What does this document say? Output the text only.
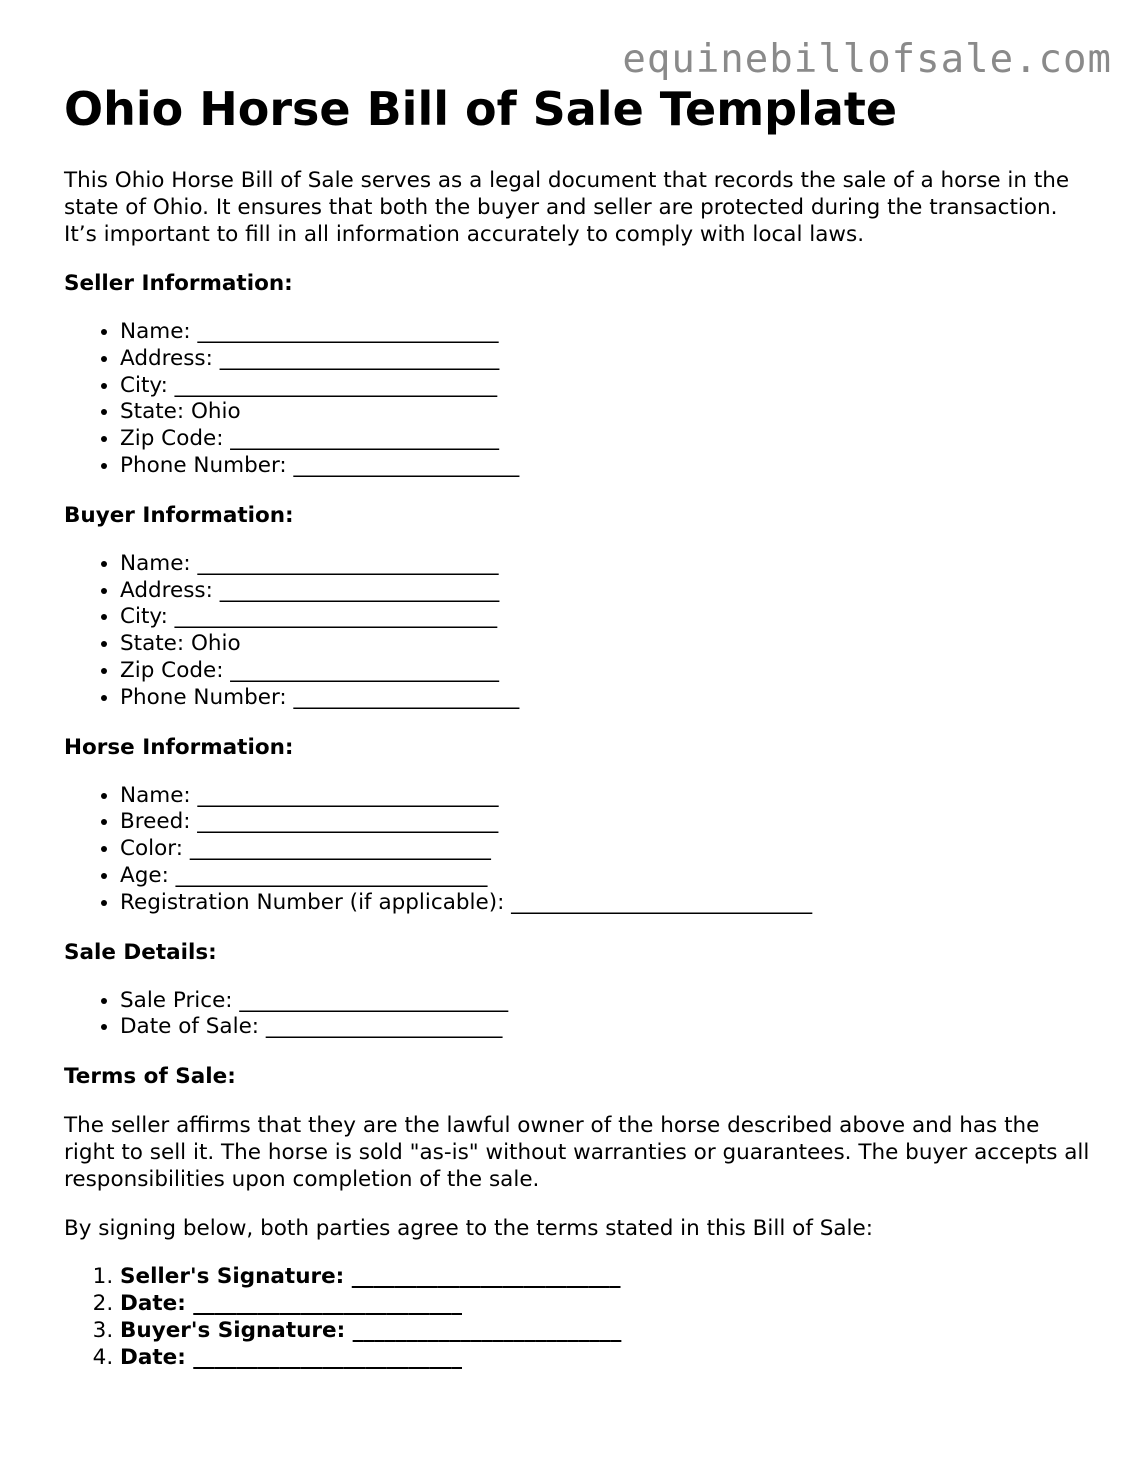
equinebillofsale.com
Ohio Horse Bill of Sale Template

This Ohio Horse Bill of Sale serves as a legal document that records the sale of a horse in the state of Ohio. It ensures that both the buyer and seller are protected during the transaction. It’s important to fill in all information accurately to comply with local laws.

Seller Information:
• Name: ____________________________
• Address: __________________________
• City: ______________________________
• State: Ohio
• Zip Code: _________________________
• Phone Number: _____________________
Buyer Information:
• Name: ____________________________
• Address: __________________________
• City: ______________________________
• State: Ohio
• Zip Code: _________________________
• Phone Number: _____________________
Horse Information:
• Name: ____________________________
• Breed: ____________________________
• Color: ____________________________
• Age: _____________________________
• Registration Number (if applicable): ____________________________
Sale Details:
• Sale Price: _________________________
• Date of Sale: ______________________
Terms of Sale:

The seller affirms that they are the lawful owner of the horse described above and has the right to sell it. The horse is sold "as-is" without warranties or guarantees. The buyer accepts all responsibilities upon completion of the sale.

By signing below, both parties agree to the terms stated in this Bill of Sale:

1. Seller's Signature: _________________________
2. Date: _________________________
3. Buyer's Signature: _________________________
4. Date: _________________________
